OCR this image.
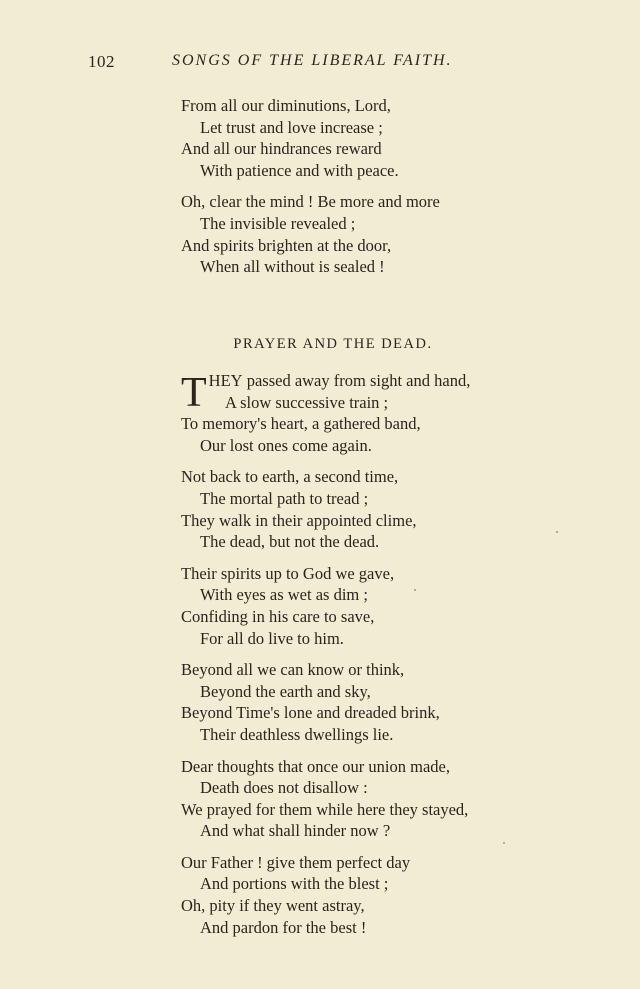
102	SONGS OF THE LIBERAL FAITH.
From all our diminutions, Lord,
Let trust and love increase ;
And all our hindrances reward
With patience and with peace.
Oh, clear the mind ! Be more and more
The invisible revealed ;
And spirits brighten at the door,
When all without is sealed !
PRAYER AND THE DEAD.
THEY passed away from sight and hand,
A slow successive train ;
To memory's heart, a gathered band,
Our lost ones come again.
Not back to earth, a second time,
The mortal path to tread ;
They walk in their appointed clime,
The dead, but not the dead.
Their spirits up to God we gave,
With eyes as wet as dim ;
Confiding in his care to save,
For all do live to him.
Beyond all we can know or think,
Beyond the earth and sky,
Beyond Time's lone and dreaded brink,
Their deathless dwellings lie.
Dear thoughts that once our union made,
Death does not disallow :
We prayed for them while here they stayed,
And what shall hinder now ?
Our Father ! give them perfect day
And portions with the blest ;
Oh, pity if they went astray,
And pardon for the best !
